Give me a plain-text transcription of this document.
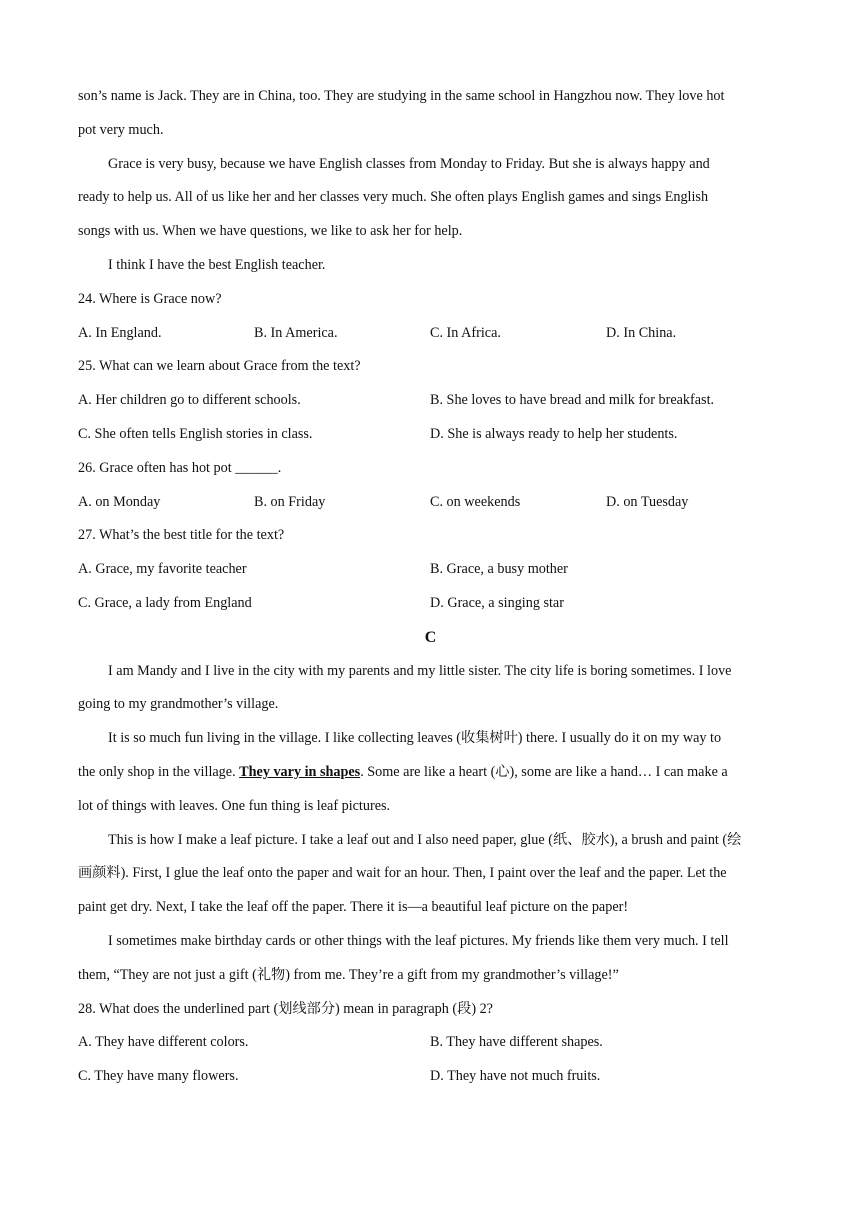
son’s name is Jack. They are in China, too. They are studying in the same school in Hangzhou now. They love hot
pot very much.
Grace is very busy, because we have English classes from Monday to Friday. But she is always happy and
ready to help us. All of us like her and her classes very much. She often plays English games and sings English
songs with us. When we have questions, we like to ask her for help.
I think I have the best English teacher.
24. Where is Grace now?
A. In England.	B. In America.	C. In Africa.	D. In China.
25. What can we learn about Grace from the text?
A. Her children go to different schools.	B. She loves to have bread and milk for breakfast.
C. She often tells English stories in class.	D. She is always ready to help her students.
26. Grace often has hot pot ______.
A. on Monday	B. on Friday	C. on weekends	D. on Tuesday
27. What’s the best title for the text?
A. Grace, my favorite teacher	B. Grace, a busy mother
C. Grace, a lady from England	D. Grace, a singing star
C
I am Mandy and I live in the city with my parents and my little sister. The city life is boring sometimes. I love
going to my grandmother’s village.
It is so much fun living in the village. I like collecting leaves (收集树叶) there. I usually do it on my way to
the only shop in the village. They vary in shapes. Some are like a heart (心), some are like a hand… I can make a
lot of things with leaves. One fun thing is leaf pictures.
This is how I make a leaf picture. I take a leaf out and I also need paper, glue (纸、胶水), a brush and paint (绘
画颜料). First, I glue the leaf onto the paper and wait for an hour. Then, I paint over the leaf and the paper. Let the
paint get dry. Next, I take the leaf off the paper. There it is—a beautiful leaf picture on the paper!
I sometimes make birthday cards or other things with the leaf pictures. My friends like them very much. I tell
them, “They are not just a gift (礼物) from me. They’re a gift from my grandmother’s village!”
28. What does the underlined part (划线部分) mean in paragraph (段) 2?
A. They have different colors.	B. They have different shapes.
C. They have many flowers.	D. They have not much fruits.
